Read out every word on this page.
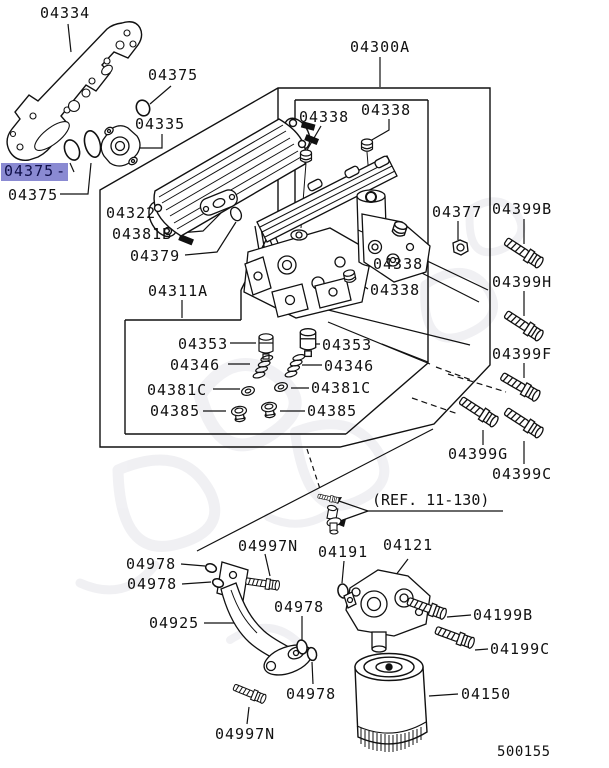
04334
04375
04335
04375 -
04375
04300A
04338 04338
04338
04338
04377 04399B
04399H
04399F
04399G
04399C
04322
04381B
04379
04311A
04353	04353
04346	04346
04381C	04381C
04385	04385
(REF. 11-130)
04997N 04191 04121
04978
04978
04925
04978
04978
04997N
04199B
04199C
04150
500155
